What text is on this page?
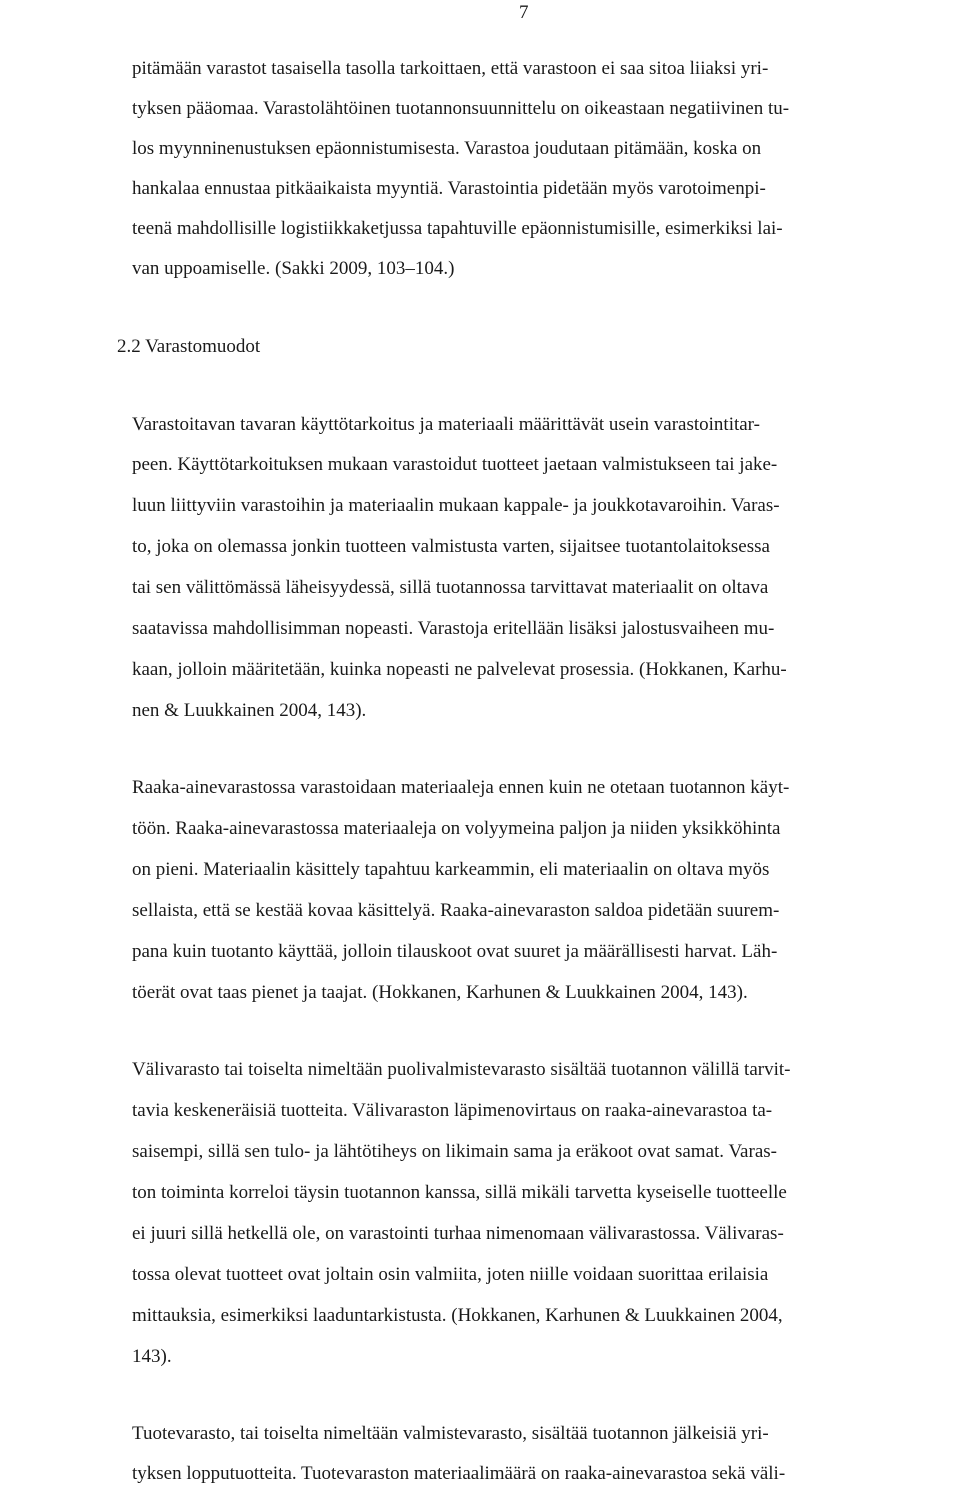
7
pitämään varastot tasaisella tasolla tarkoittaen, että varastoon ei saa sitoa liiaksi yri-
tyksen pääomaa. Varastolähtöinen tuotannonsuunnittelu on oikeastaan negatiivinen tu-
los myynninenustuksen epäonnistumisesta. Varastoa joudutaan pitämään, koska on
hankalaa ennustaa pitkäaikaista myyntiä. Varastointia pidetään myös varotoimenpi-
teenä mahdollisille logistiikkaketjussa tapahtuville epäonnistumisille, esimerkiksi lai-
van uppoamiselle. (Sakki 2009, 103–104.)
2.2 Varastomuodot
Varastoitavan tavaran käyttötarkoitus ja materiaali määrittävät usein varastointitar-
peen. Käyttötarkoituksen mukaan varastoidut tuotteet jaetaan valmistukseen tai jake-
luun liittyviin varastoihin ja materiaalin mukaan kappale- ja joukkotavaroihin. Varas-
to, joka on olemassa jonkin tuotteen valmistusta varten, sijaitsee tuotantolaitoksessa
tai sen välittömässä läheisyydessä, sillä tuotannossa tarvittavat materiaalit on oltava
saatavissa mahdollisimman nopeasti. Varastoja eritellään lisäksi jalostusvaiheen mu-
kaan, jolloin määritetään, kuinka nopeasti ne palvelevat prosessia. (Hokkanen, Karhu-
nen & Luukkainen 2004, 143).
Raaka-ainevarastossa varastoidaan materiaaleja ennen kuin ne otetaan tuotannon käyt-
töön. Raaka-ainevarastossa materiaaleja on volyymeina paljon ja niiden yksikköhinta
on pieni. Materiaalin käsittely tapahtuu karkeammin, eli materiaalin on oltava myös
sellaista, että se kestää kovaa käsittelyä. Raaka-ainevaraston saldoa pidetään suurem-
pana kuin tuotanto käyttää, jolloin tilauskoot ovat suuret ja määrällisesti harvat. Läh-
töerät ovat taas pienet ja taajat. (Hokkanen, Karhunen & Luukkainen 2004, 143).
Välivarasto tai toiselta nimeltään puolivalmistevarasto sisältää tuotannon välillä tarvit-
tavia keskeneräisiä tuotteita. Välivaraston läpimenovirtaus on raaka-ainevarastoa ta-
saisempi, sillä sen tulo- ja lähtötiheys on likimain sama ja eräkoot ovat samat. Varas-
ton toiminta korreloi täysin tuotannon kanssa, sillä mikäli tarvetta kyseiselle tuotteelle
ei juuri sillä hetkellä ole, on varastointi turhaa nimenomaan välivarastossa. Välivaras-
tossa olevat tuotteet ovat joltain osin valmiita, joten niille voidaan suorittaa erilaisia
mittauksia, esimerkiksi laaduntarkistusta. (Hokkanen, Karhunen & Luukkainen 2004,
143).
Tuotevarasto, tai toiselta nimeltään valmistevarasto, sisältää tuotannon jälkeisiä yri-
tyksen lopputuotteita. Tuotevaraston materiaalimäärä on raaka-ainevarastoa sekä väli-
